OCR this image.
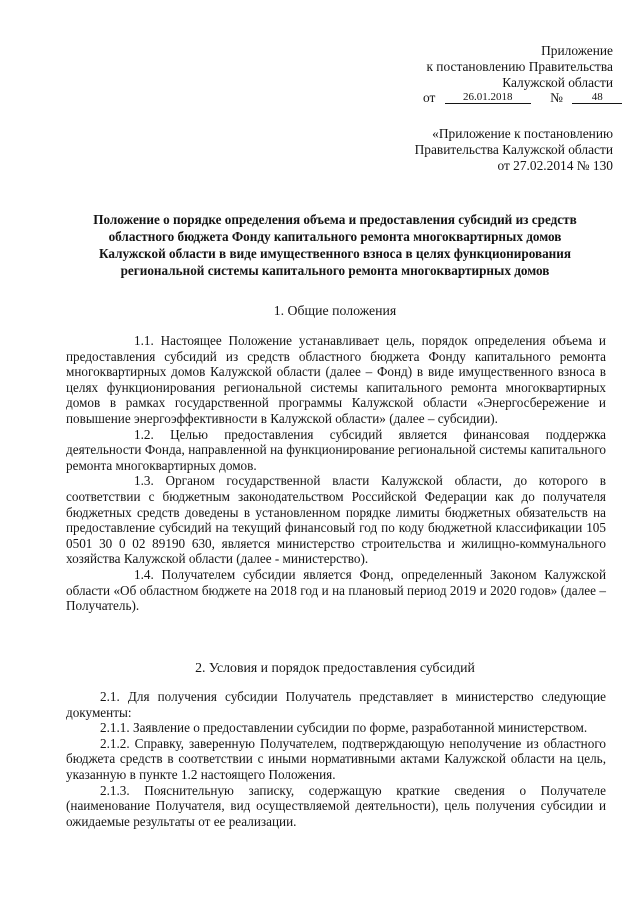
Приложение
к постановлению Правительства
Калужской области
от	26.01.2018	№	48
«Приложение к постановлению
Правительства Калужской области
от 27.02.2014 № 130
Положение о порядке определения объема и предоставления субсидий из средств
областного бюджета Фонду капитального ремонта многоквартирных домов
Калужской области в виде имущественного взноса в целях функционирования
региональной системы капитального ремонта многоквартирных домов
1. Общие положения

1.1. Настоящее Положение устанавливает цель, порядок определения объема и предоставления субсидий из средств областного бюджета Фонду капитального ремонта многоквартирных домов Калужской области (далее – Фонд) в виде имущественного взноса в целях функционирования региональной системы капитального ремонта многоквартирных домов в рамках государственной программы Калужской области «Энергосбережение и повышение энергоэффективности в Калужской области» (далее – субсидии).

1.2. Целью предоставления субсидий является финансовая поддержка деятельности Фонда, направленной на функционирование региональной системы капитального ремонта многоквартирных домов.

1.3. Органом государственной власти Калужской области, до которого в соответствии с бюджетным законодательством Российской Федерации как до получателя бюджетных средств доведены в установленном порядке лимиты бюджетных обязательств на предоставление субсидий на текущий финансовый год по коду бюджетной классификации 105 0501 30 0 02 89190 630, является министерство строительства и жилищно-коммунального хозяйства Калужской области (далее - министерство).

1.4. Получателем субсидии является Фонд, определенный Законом Калужской области «Об областном бюджете на 2018 год и на плановый период 2019 и 2020 годов» (далее – Получатель).

2. Условия и порядок предоставления субсидий

2.1. Для получения субсидии Получатель представляет в министерство следующие документы:

2.1.1. Заявление о предоставлении субсидии по форме, разработанной министерством.

2.1.2. Справку, заверенную Получателем, подтверждающую неполучение из областного бюджета средств в соответствии с иными нормативными актами Калужской области на цель, указанную в пункте 1.2 настоящего Положения.

2.1.3. Пояснительную записку, содержащую краткие сведения о Получателе (наименование Получателя, вид осуществляемой деятельности), цель получения субсидии и ожидаемые результаты от ее реализации.
